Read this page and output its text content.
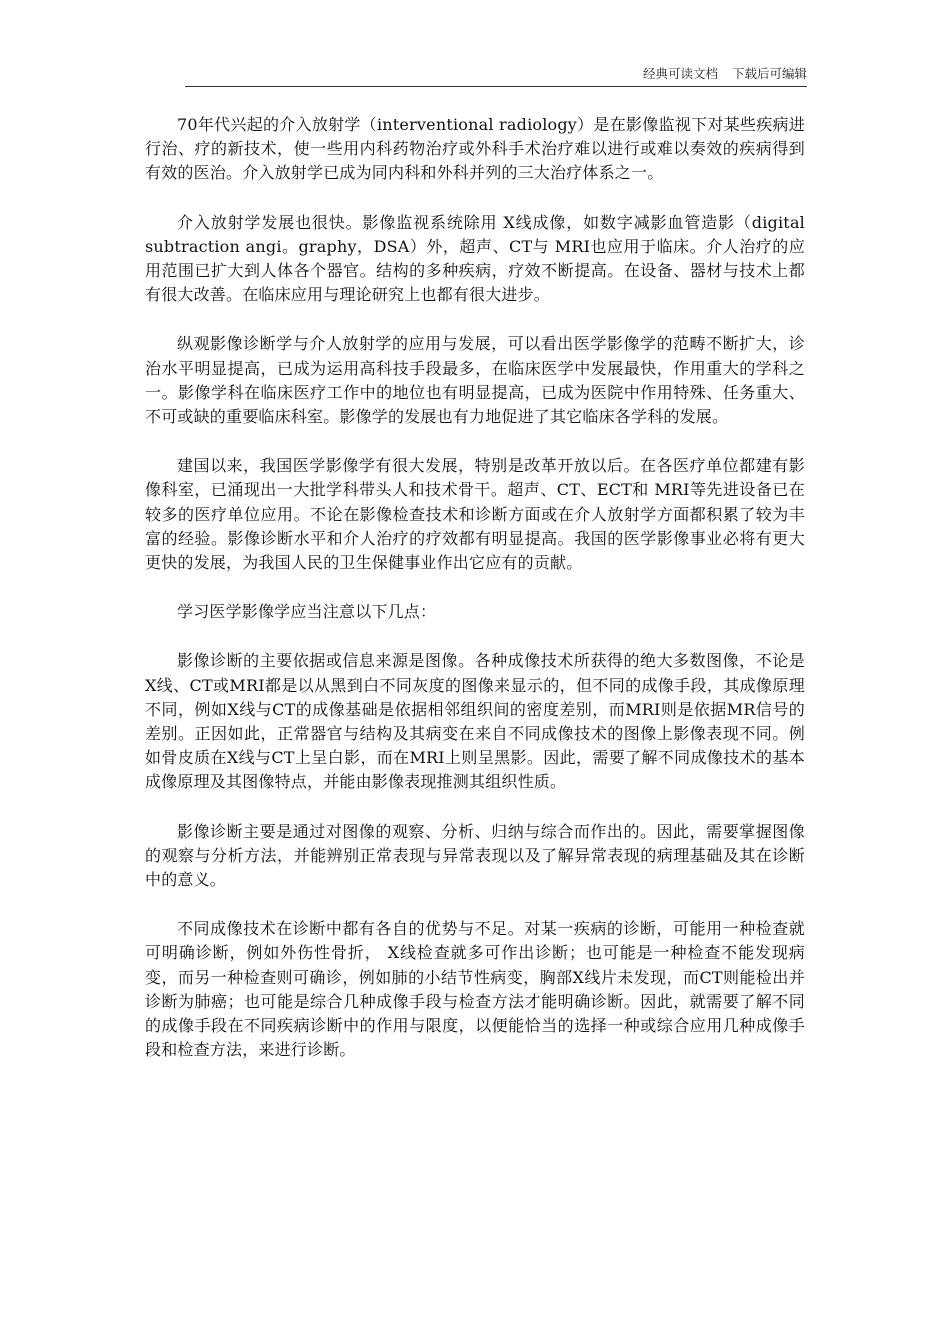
经典可读文档 下载后可编辑

70年代兴起的介入放射学（interventional radiology）是在影像监视下对某些疾病进行治、疗的新技术，使一些用内科药物治疗或外科手术治疗难以进行或难以奏效的疾病得到有效的医治。介入放射学已成为同内科和外科并列的三大治疗体系之一。

介入放射学发展也很快。影像监视系统除用 X线成像，如数字减影血管造影（digital subtraction angi。graphy，DSA）外，超声、CT与 MRI也应用于临床。介人治疗的应用范围已扩大到人体各个器官。结构的多种疾病，疗效不断提高。在设备、器材与技术上都有很大改善。在临床应用与理论研究上也都有很大进步。

纵观影像诊断学与介人放射学的应用与发展，可以看出医学影像学的范畴不断扩大，诊治水平明显提高，已成为运用高科技手段最多，在临床医学中发展最快，作用重大的学科之一。影像学科在临床医疗工作中的地位也有明显提高，已成为医院中作用特殊、任务重大、不可或缺的重要临床科室。影像学的发展也有力地促进了其它临床各学科的发展。

建国以来，我国医学影像学有很大发展，特别是改革开放以后。在各医疗单位都建有影像科室，已涌现出一大批学科带头人和技术骨干。超声、CT、ECT和 MRI等先进设备已在较多的医疗单位应用。不论在影像检查技术和诊断方面或在介人放射学方面都积累了较为丰富的经验。影像诊断水平和介人治疗的疗效都有明显提高。我国的医学影像事业必将有更大更快的发展，为我国人民的卫生保健事业作出它应有的贡献。

学习医学影像学应当注意以下几点：

影像诊断的主要依据或信息来源是图像。各种成像技术所获得的绝大多数图像，不论是 X线、CT或MRI都是以从黑到白不同灰度的图像来显示的，但不同的成像手段，其成像原理不同，例如X线与CT的成像基础是依据相邻组织间的密度差别，而MRI则是依据MR信号的差别。正因如此，正常器官与结构及其病变在来自不同成像技术的图像上影像表现不同。例如骨皮质在X线与CT上呈白影，而在MRI上则呈黑影。因此，需要了解不同成像技术的基本成像原理及其图像特点，并能由影像表现推测其组织性质。

影像诊断主要是通过对图像的观察、分析、归纳与综合而作出的。因此，需要掌握图像的观察与分析方法，并能辨别正常表现与异常表现以及了解异常表现的病理基础及其在诊断中的意义。

不同成像技术在诊断中都有各自的优势与不足。对某一疾病的诊断，可能用一种检查就可明确诊断，例如外伤性骨折， X线检查就多可作出诊断；也可能是一种检查不能发现病变，而另一种检查则可确诊，例如肺的小结节性病变，胸部X线片未发现，而CT则能检出并诊断为肺癌；也可能是综合几种成像手段与检查方法才能明确诊断。因此，就需要了解不同的成像手段在不同疾病诊断中的作用与限度，以便能恰当的选择一种或综合应用几种成像手段和检查方法，来进行诊断。
